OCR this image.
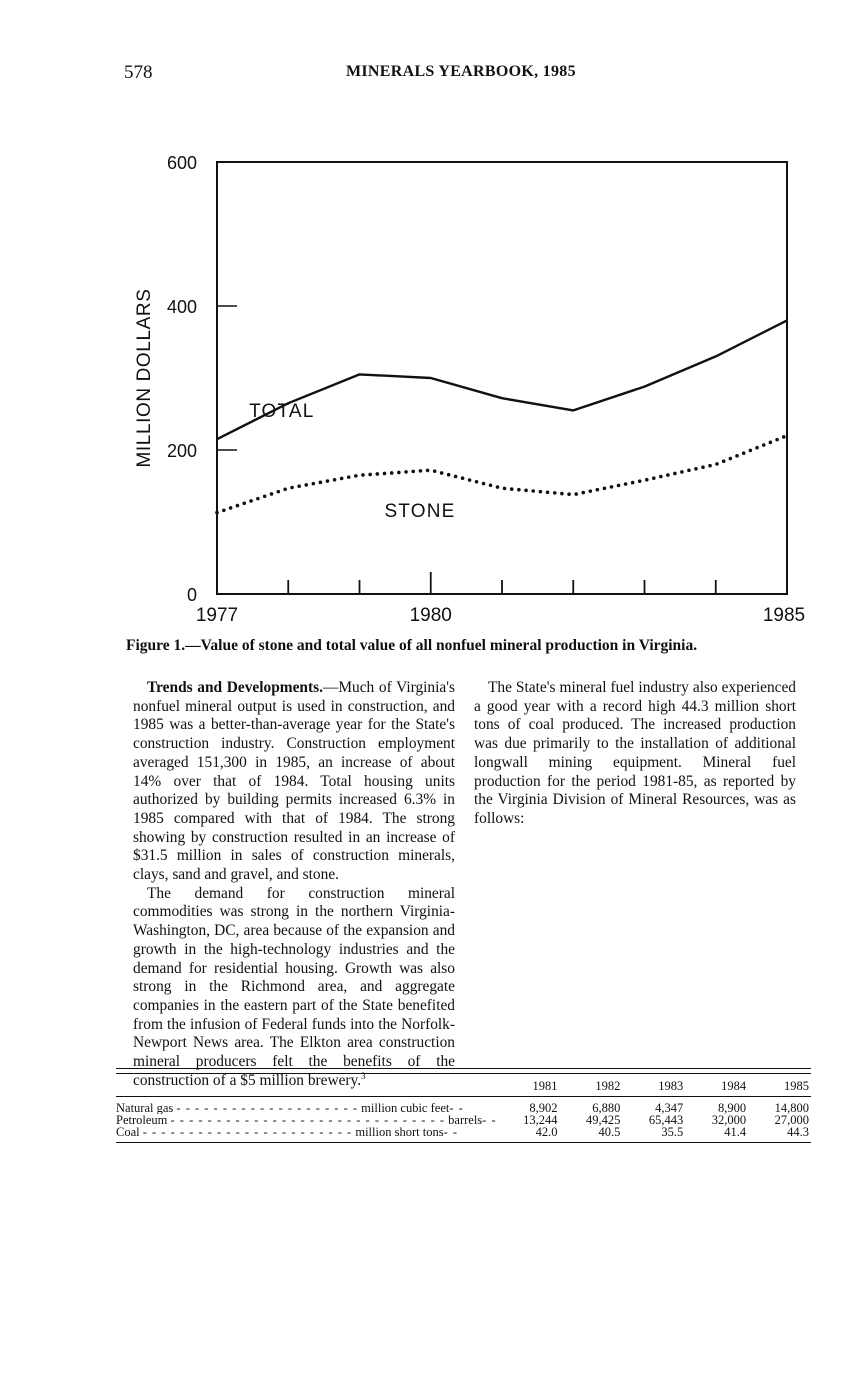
578	MINERALS YEARBOOK, 1985
MILLION DOLLARS
0
200
400
600
1977	1980	1985
TOTAL
STONE
Figure 1.—Value of stone and total value of all nonfuel mineral production in Virginia.

Trends and Developments.—Much of Virginia's nonfuel mineral output is used in construction, and 1985 was a better-than-average year for the State's construction industry. Construction employment averaged 151,300 in 1985, an increase of about 14% over that of 1984. Total housing units authorized by building permits increased 6.3% in 1985 compared with that of 1984. The strong showing by construction resulted in an increase of $31.5 million in sales of construction minerals, clays, sand and gravel, and stone.

The demand for construction mineral commodities was strong in the northern Virginia-Washington, DC, area because of the expansion and growth in the high-technology industries and the demand for residential housing. Growth was also strong in the Richmond area, and aggregate companies in the eastern part of the State benefited from the infusion of Federal funds into the Norfolk-Newport News area. The Elkton area construction mineral producers felt the benefits of the construction of a $5 million brewery.$^3$

The State's mineral fuel industry also experienced a good year with a record high 44.3 million short tons of coal produced. The increased production was due primarily to the installation of additional longwall mining equipment. Mineral fuel production for the period 1981-85, as reported by the Virginia Division of Mineral Resources, was as follows:

	1981	1982	1983	1984	1985
Natural gas - - - - - - - - - - - - - - - - - - - - million cubic feet- -	8,902	6,880	4,347	8,900	14,800
Petroleum - - - - - - - - - - - - - - - - - - - - - - - - - - - - - - barrels- -	13,244	49,425	65,443	32,000	27,000
Coal - - - - - - - - - - - - - - - - - - - - - - - million short tons- -	42.0	40.5	35.5	41.4	44.3
